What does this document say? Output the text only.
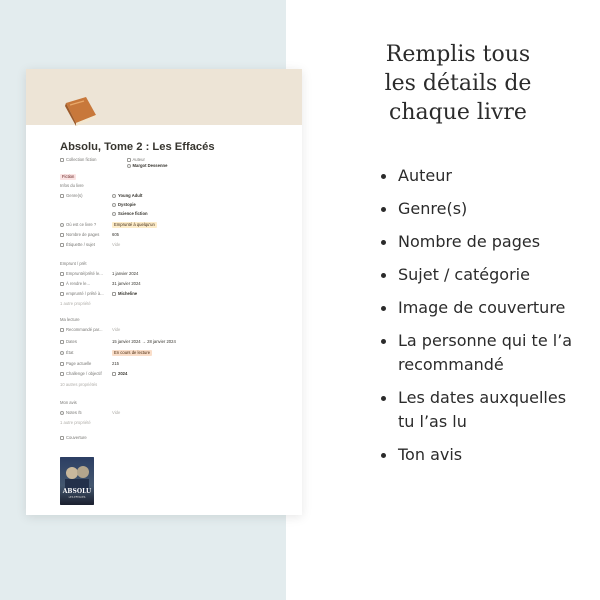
Absolu, Tome 2 : Les Effacés
Collection fiction
Fiction
Auteur
Margot Dessenne
Infos du livre
Genre(s)	Young Adult
Dystopie
Science fiction
Où est ce livre ?	Emprunté à quelqu'un
Nombre de pages	605
Étiquette / sujet	Vide
Emprunt / prêt
Emprunté/prêté le... 1 janvier 2024
À rendre le...	31 janvier 2024
emprunté / prêté à...	Micheline
1 autre propriété
Ma lecture
Recommandé par... Vide
Dates	15 janvier 2024 → 28 janvier 2024
État	En cours de lecture
Page actuelle	215
Challenge / objectif	2024
10 autres propriétés
Mon avis
Notes /5	Vide
1 autre propriété
Couverture
ABSOLU
LES EFFACÉS
Remplis tous les détails de chaque livre
Auteur
Genre(s)
Nombre de pages
Sujet / catégorie
Image de couverture
La personne qui te l’a recommandé
Les dates auxquelles tu l’as lu
Ton avis
